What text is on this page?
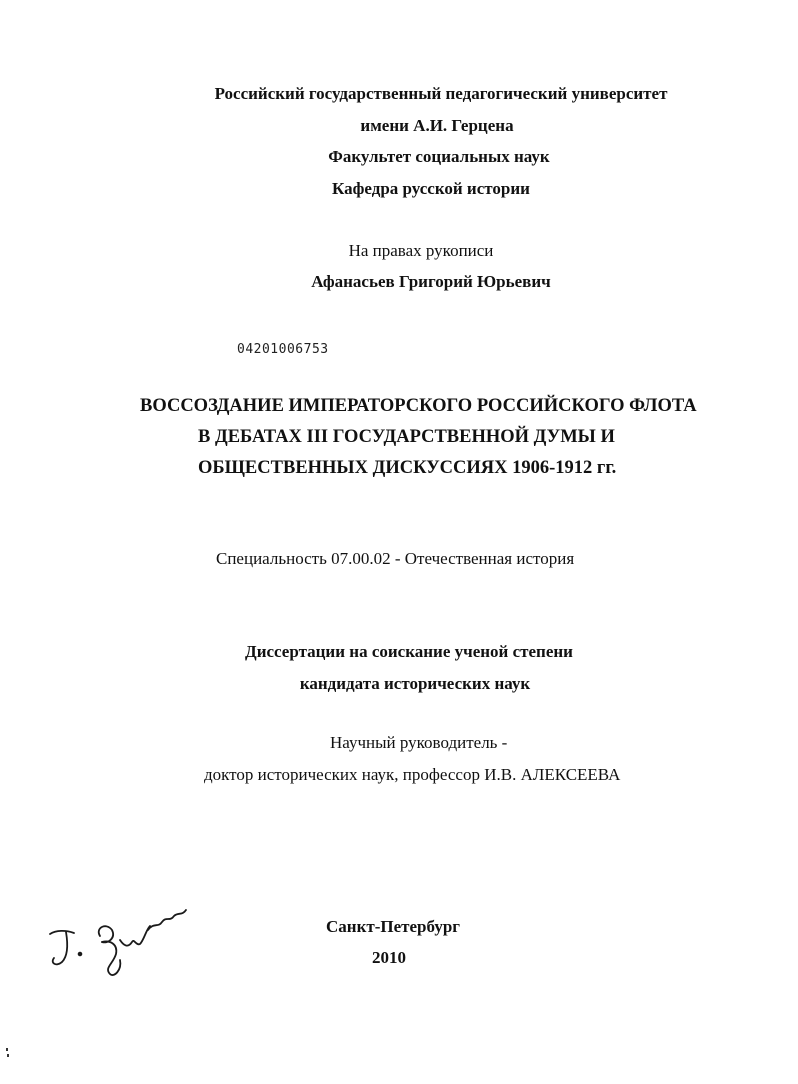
Российский государственный педагогический университет
имени А.И. Герцена
Факультет социальных наук
Кафедра русской истории
На правах рукописи
Афанасьев Григорий Юрьевич
04201006753
ВОССОЗДАНИЕ ИМПЕРАТОРСКОГО РОССИЙСКОГО ФЛОТА
В ДЕБАТАХ III ГОСУДАРСТВЕННОЙ ДУМЫ И
ОБЩЕСТВЕННЫХ ДИСКУССИЯХ 1906-1912 гг.
Специальность 07.00.02 - Отечественная история
Диссертации на соискание ученой степени
кандидата исторических наук
Научный руководитель -
доктор исторических наук, профессор И.В. АЛЕКСЕЕВА
Санкт-Петербург
2010
